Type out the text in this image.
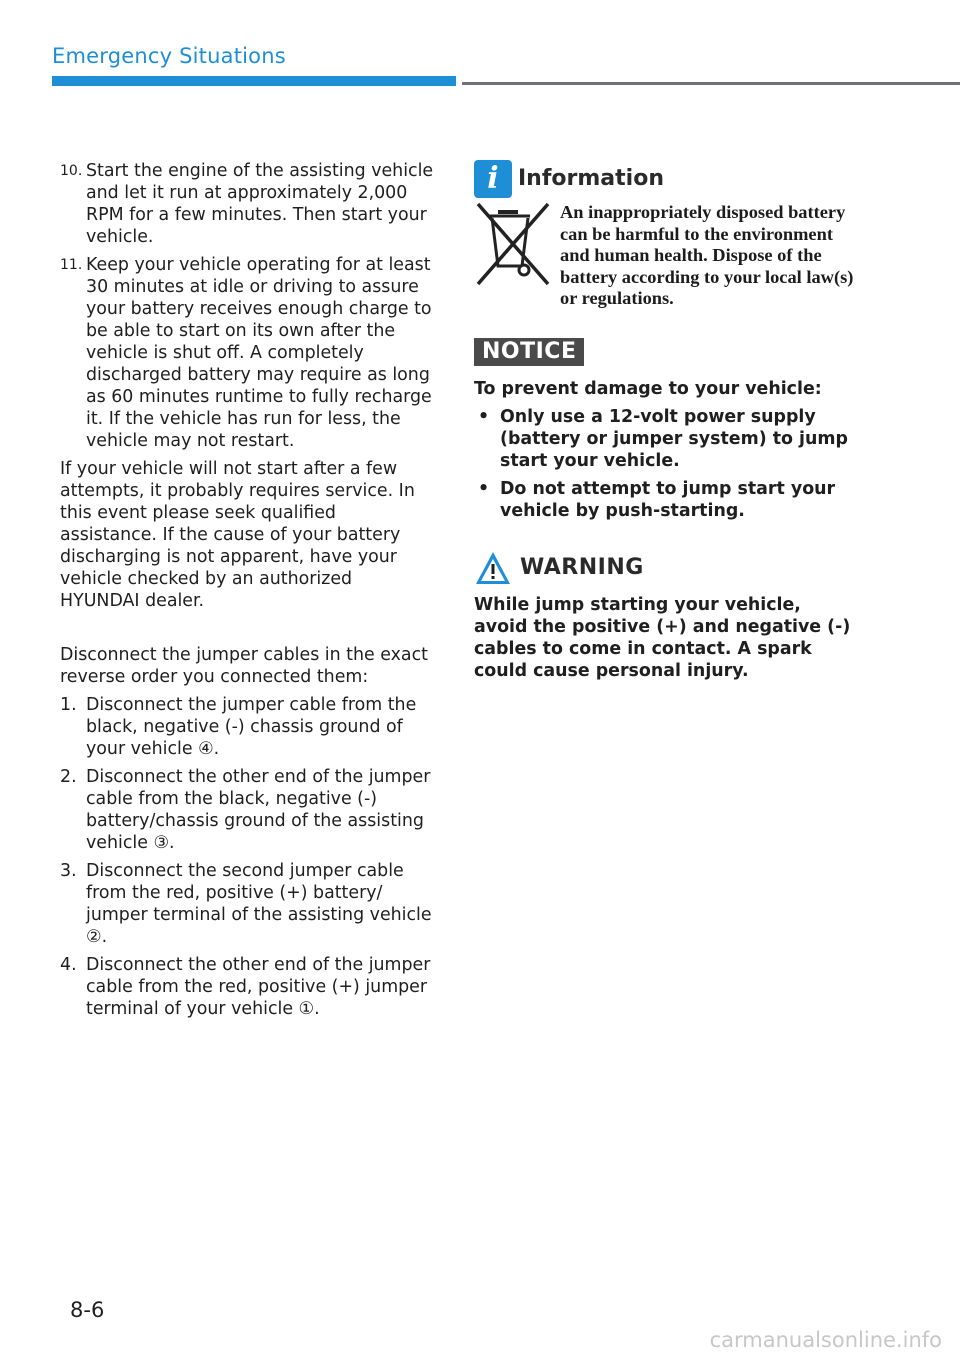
Emergency Situations
10. Start the engine of the assisting vehicle and let it run at approximately 2,000 RPM for a few minutes. Then start your vehicle.
11. Keep your vehicle operating for at least 30 minutes at idle or driving to assure your battery receives enough charge to be able to start on its own after the vehicle is shut off. A completely discharged battery may require as long as 60 minutes runtime to fully recharge it. If the vehicle has run for less, the vehicle may not restart.

If your vehicle will not start after a few attempts, it probably requires service. In this event please seek qualified assistance. If the cause of your battery discharging is not apparent, have your vehicle checked by an authorized HYUNDAI dealer.

Disconnect the jumper cables in the exact reverse order you connected them:

1. Disconnect the jumper cable from the black, negative (-) chassis ground of your vehicle ④.
2. Disconnect the other end of the jumper cable from the black, negative (-) battery/chassis ground of the assisting vehicle ③.
3. Disconnect the second jumper cable from the red, positive (+) battery/ jumper terminal of the assisting vehicle ②.
4. Disconnect the other end of the jumper cable from the red, positive (+) jumper terminal of your vehicle ①.
i Information
An inappropriately disposed battery can be harmful to the environment and human health. Dispose of the battery according to your local law(s) or regulations.
NOTICE
To prevent damage to your vehicle:
• Only use a 12-volt power supply (battery or jumper system) to jump start your vehicle.
• Do not attempt to jump start your vehicle by push-starting.
WARNING
While jump starting your vehicle, avoid the positive (+) and negative (-) cables to come in contact. A spark could cause personal injury.
8-6
carmanualsonline.info
